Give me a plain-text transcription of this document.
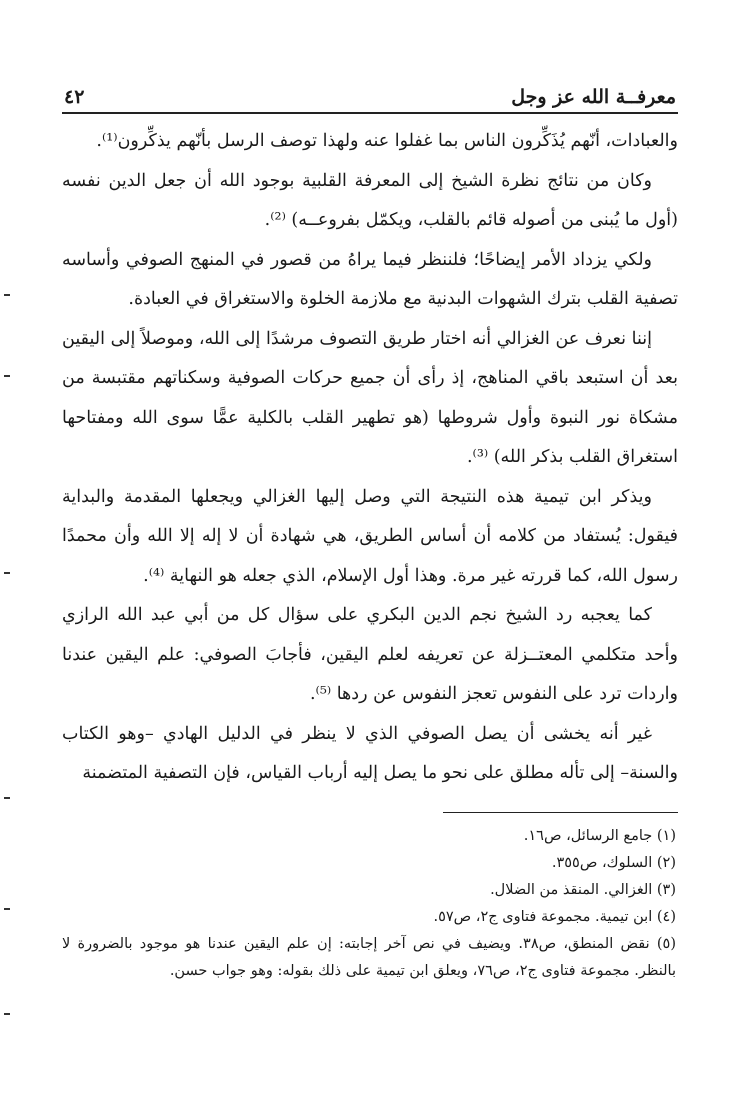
معرفــة الله عز وجل
٤٢

والعبادات، أنّهم يُذَكِّرون الناس بما غفلوا عنه ولهذا توصف الرسل بأنّهم يذكِّرون⁽¹⁾.

وكان من نتائج نظرة الشيخ إلى المعرفة القلبية بوجود الله أن جعل الدين نفسه (أول ما يُبنى من أصوله قائم بالقلب، ويكمّل بفروعــه) ⁽²⁾.

ولكي يزداد الأمر إيضاحًا؛ فلننظر فيما يراهُ من قصور في المنهج الصوفي وأساسه تصفية القلب بترك الشهوات البدنية مع ملازمة الخلوة والاستغراق في العبادة.

إننا نعرف عن الغزالي أنه اختار طريق التصوف مرشدًا إلى الله، وموصلاً إلى اليقين بعد أن استبعد باقي المناهج، إذ رأى أن جميع حركات الصوفية وسكناتهم مقتبسة من مشكاة نور النبوة وأول شروطها (هو تطهير القلب بالكلية عمًّا سوى الله ومفتاحها استغراق القلب بذكر الله) ⁽³⁾.

ويذكر ابن تيمية هذه النتيجة التي وصل إليها الغزالي ويجعلها المقدمة والبداية فيقول: يُستفاد من كلامه أن أساس الطريق، هي شهادة أن لا إله إلا الله وأن محمدًا رسول الله، كما قررته غير مرة. وهذا أول الإسلام، الذي جعله هو النهاية ⁽⁴⁾.

كما يعجبه رد الشيخ نجم الدين البكري على سؤال كل من أبي عبد الله الرازي وأحد متكلمي المعتــزلة عن تعريفه لعلم اليقين، فأجابَ الصوفي: علم اليقين عندنا واردات ترد على النفوس تعجز النفوس عن ردها ⁽⁵⁾.

غير أنه يخشى أن يصل الصوفي الذي لا ينظر في الدليل الهادي –وهو الكتاب والسنة– إلى تأله مطلق على نحو ما يصل إليه أرباب القياس، فإن التصفية المتضمنة

(١) جامع الرسائل، ص١٦.

(٢) السلوك، ص٣٥٥.

(٣) الغزالي. المنقذ من الضلال.

(٤) ابن تيمية. مجموعة فتاوى ج٢، ص٥٧.

(٥) نقض المنطق، ص٣٨. ويضيف في نص آخر إجابته: إن علم اليقين عندنا هو موجود بالضرورة لا بالنظر. مجموعة فتاوى ج٢، ص٧٦، ويعلق ابن تيمية على ذلك بقوله: وهو جواب حسن.
